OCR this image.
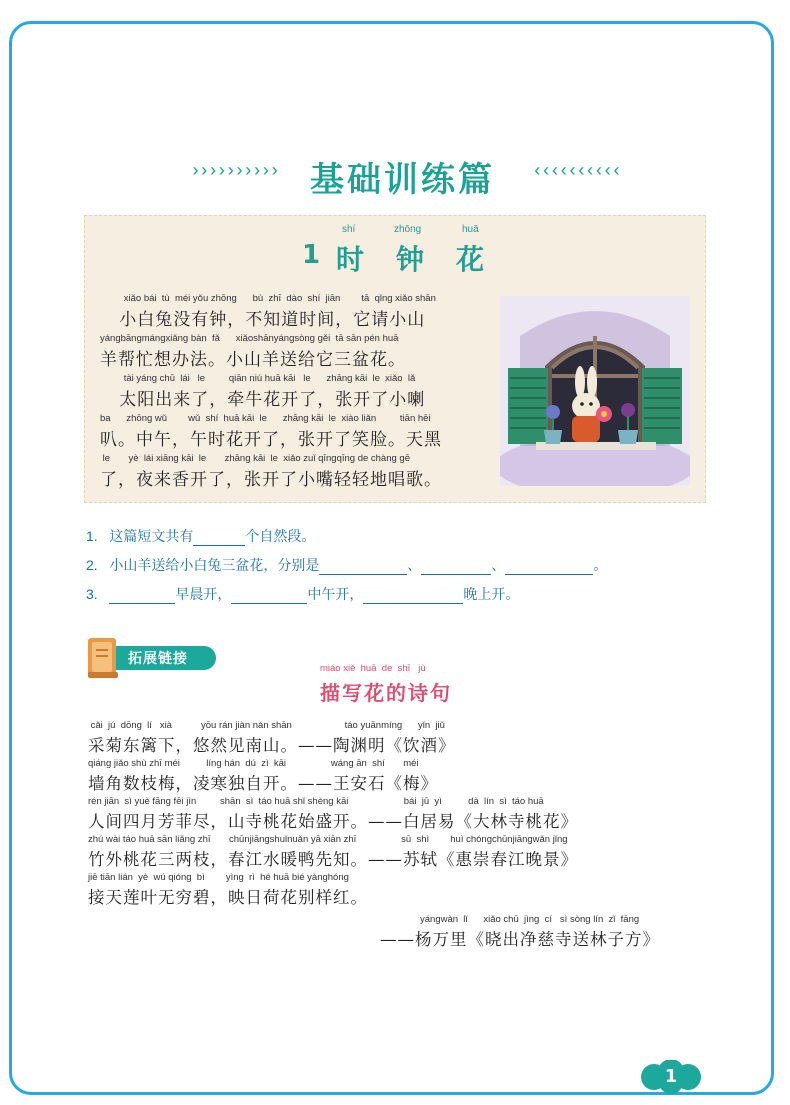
›››››››››› 基础训练篇	‹‹‹‹‹‹‹‹‹‹
1
shí	zhōng	huā
时 钟 花
xiǎo bái  tù  méi yǒu zhōng      bù  zhī  dào  shí  jiān        tā  qǐng xiǎo shān
小白兔没有钟，不知道时间，它请小山
yángbāngmángxiǎng bàn  fǎ      xiǎoshānyángsòng gěi  tā sān pén huā
羊帮忙想办法。小山羊送给它三盆花。
tài yáng chū  lái   le         qiān niú huā kāi   le      zhāng kāi  le  xiǎo  lǎ
太阳出来了，牵牛花开了，张开了小喇
ba      zhōng wǔ        wǔ  shí  huā kāi  le      zhāng kāi  le  xiào liǎn         tiān hēi
叭。中午，午时花开了，张开了笑脸。天黑
le       yè  lái xiāng kāi  le       zhāng kāi  le  xiǎo zuǐ qīngqīng de chàng gē
了，夜来香开了，张开了小嘴轻轻地唱歌。
1. 这篇短文共有	个自然段。
2. 小山羊送给小白兔三盆花，分别是	、	、	。
3.	早晨开，	中午开，	晚上开。
拓展链接
miáo xiě  huā  de  shī   jù
描写花的诗句
cǎi  jú  dōng  lí   xià           yōu rán jiàn nán shān                    táo yuānmíng      yǐn  jiǔ
采菊东篱下，悠然见南山。——陶渊明《饮酒》
qiáng jiǎo shù zhī méi          líng hán  dú  zì  kāi                 wáng ān  shí       méi
墙角数枝梅，凌寒独自开。——王安石《梅》
rén jiān  sì yuè fāng fēi jìn         shān  sì  táo huā shǐ shèng kāi                     bái  jū  yì          dà  lín  sì  táo huā
人间四月芳菲尽，山寺桃花始盛开。——白居易《大林寺桃花》
zhú wài táo huā sān liǎng zhī       chūnjiāngshuǐnuǎn yā xiān zhī                 sū  shì        huì chóngchūnjiāngwǎn jǐng
竹外桃花三两枝，春江水暖鸭先知。——苏轼《惠崇春江晚景》
jiē tiān lián  yè  wú qióng  bì        yìng  rì  hé huā bié yànghóng
接天莲叶无穷碧，映日荷花别样红。
yángwàn  lǐ      xiǎo chū  jìng  cí   sì sòng lín  zǐ  fāng
——杨万里《晓出净慈寺送林子方》
1
